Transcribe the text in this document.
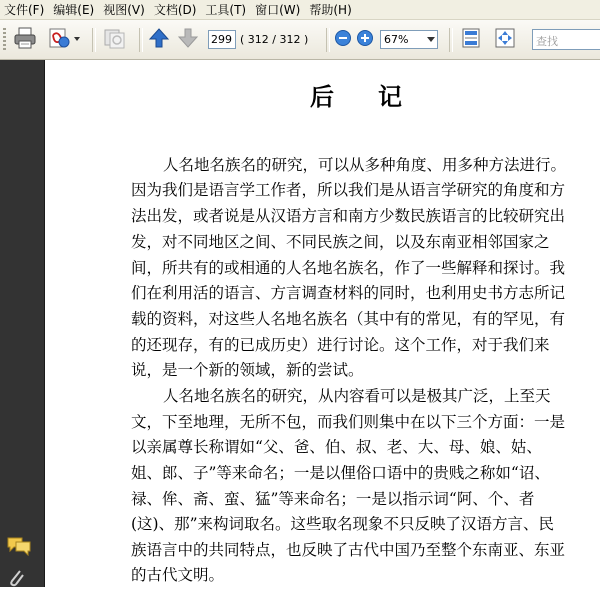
文件(F) 编辑(E) 视图(V) 文档(D) 工具(T) 窗口(W) 帮助(H)
299
( 312 / 312 )
67%
查找
后记
人名地名族名的研究，可以从多种角度、用多种方法进行。
因为我们是语言学工作者，所以我们是从语言学研究的角度和方
法出发，或者说是从汉语方言和南方少数民族语言的比较研究出
发，对不同地区之间、不同民族之间，以及东南亚相邻国家之
间，所共有的或相通的人名地名族名，作了一些解释和探讨。我
们在利用活的语言、方言调查材料的同时，也利用史书方志所记
载的资料，对这些人名地名族名（其中有的常见，有的罕见，有
的还现存，有的已成历史）进行讨论。这个工作，对于我们来
说，是一个新的领域，新的尝试。
人名地名族名的研究，从内容看可以是极其广泛，上至天
文，下至地理，无所不包，而我们则集中在以下三个方面：一是
以亲属尊长称谓如“父、爸、伯、叔、老、大、母、娘、姑、
姐、郎、子”等来命名；一是以俚俗口语中的贵贱之称如“诏、
禄、侔、斋、蛮、猛”等来命名；一是以指示词“阿、个、者
(这)、那”来构词取名。这些取名现象不只反映了汉语方言、民
族语言中的共同特点，也反映了古代中国乃至整个东南亚、东亚
的古代文明。
